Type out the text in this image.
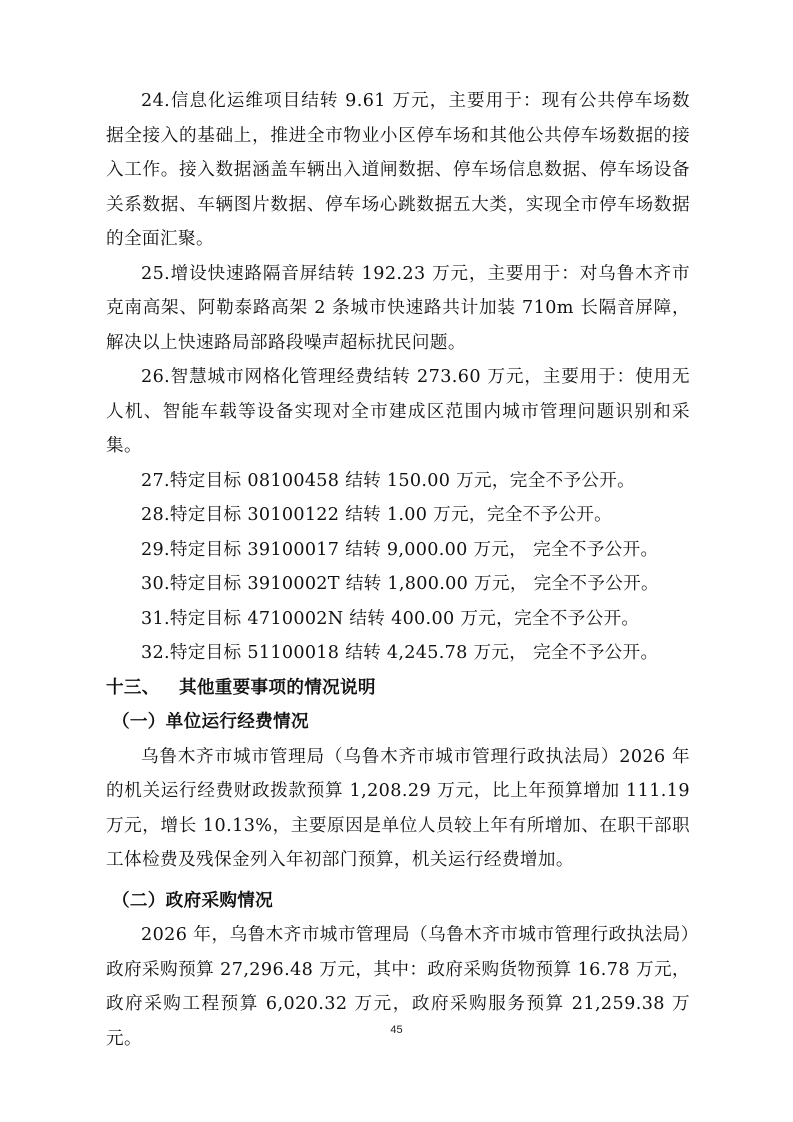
24.信息化运维项目结转 9.61 万元，主要用于：现有公共停车场数据全接入的基础上，推进全市物业小区停车场和其他公共停车场数据的接入工作。接入数据涵盖车辆出入道闸数据、停车场信息数据、停车场设备关系数据、车辆图片数据、停车场心跳数据五大类，实现全市停车场数据的全面汇聚。

25.增设快速路隔音屏结转 192.23 万元，主要用于：对乌鲁木齐市克南高架、阿勒泰路高架 2 条城市快速路共计加装 710m 长隔音屏障，解决以上快速路局部路段噪声超标扰民问题。

26.智慧城市网格化管理经费结转 273.60 万元，主要用于：使用无人机、智能车载等设备实现对全市建成区范围内城市管理问题识别和采集。

27.特定目标 08100458 结转 150.00 万元，完全不予公开。

28.特定目标 30100122 结转 1.00 万元，完全不予公开。

29.特定目标 39100017 结转 9,000.00 万元， 完全不予公开。

30.特定目标 3910002T 结转 1,800.00 万元， 完全不予公开。

31.特定目标 4710002N 结转 400.00 万元，完全不予公开。

32.特定目标 51100018 结转 4,245.78 万元， 完全不予公开。

十三、   其他重要事项的情况说明
（一）单位运行经费情况

乌鲁木齐市城市管理局（乌鲁木齐市城市管理行政执法局）2026 年的机关运行经费财政拨款预算 1,208.29 万元，比上年预算增加 111.19 万元，增长 10.13%，主要原因是单位人员较上年有所增加、在职干部职工体检费及残保金列入年初部门预算，机关运行经费增加。

（二）政府采购情况

2026 年，乌鲁木齐市城市管理局（乌鲁木齐市城市管理行政执法局）政府采购预算 27,296.48 万元，其中：政府采购货物预算 16.78 万元，政府采购工程预算 6,020.32 万元，政府采购服务预算 21,259.38 万元。	45
